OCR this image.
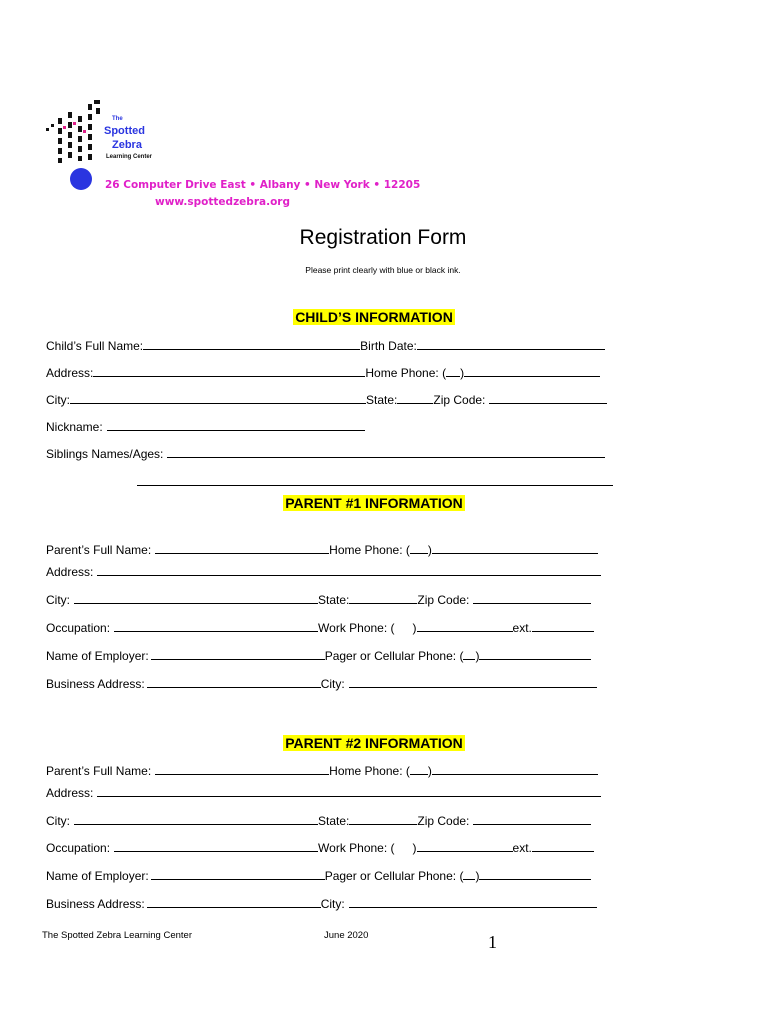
The
Spotted
Zebra
Learning Center
26 Computer Drive East • Albany • New York • 12205
www.spottedzebra.org
Registration Form
Please print clearly with blue or black ink.
CHILD’S INFORMATION
Child’s Full Name:	Birth Date:
Address:	Home Phone: ( )
City:	State:	Zip Code:
Nickname:
Siblings Names/Ages:
PARENT #1 INFORMATION
Parent’s Full Name:	Home Phone: ( )
Address:
City:	State:	Zip Code:
Occupation:	Work Phone: ( )	ext.
Name of Employer:	Pager or Cellular Phone: ( )
Business Address:	City:
PARENT #2 INFORMATION
Parent’s Full Name:	Home Phone: ( )
Address:
City:	State:	Zip Code:
Occupation:	Work Phone: ( )	ext.
Name of Employer:	Pager or Cellular Phone: ( )
Business Address:	City:
The Spotted Zebra Learning Center	June 2020	1
